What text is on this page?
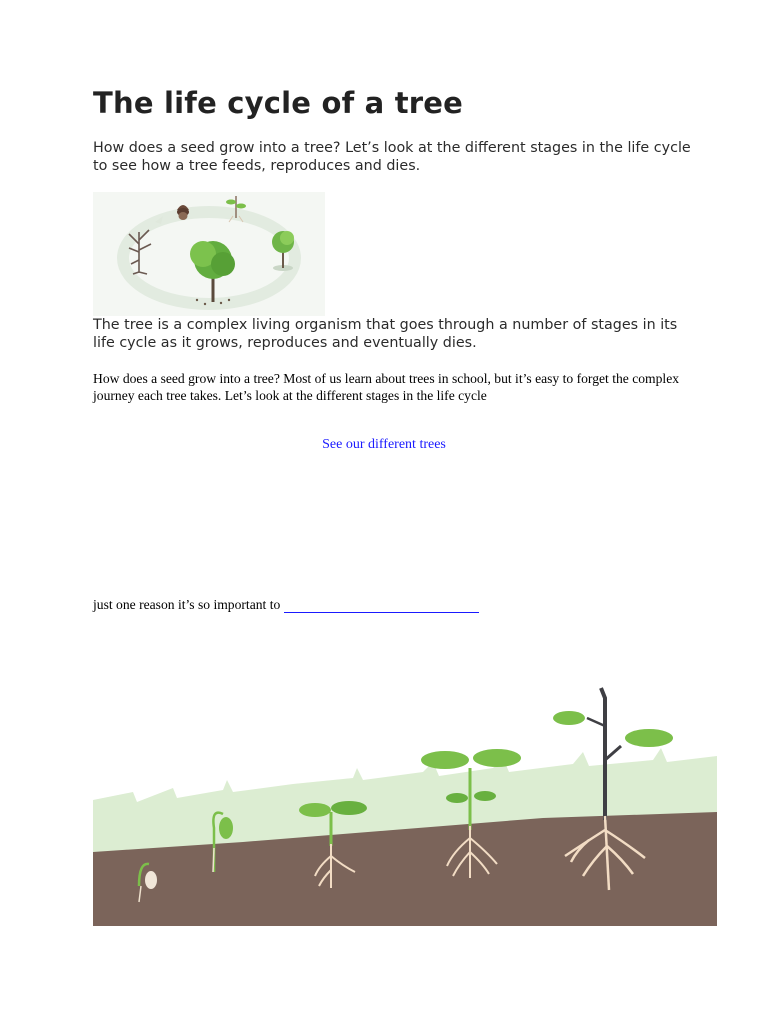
The life cycle of a tree

How does a seed grow into a tree? Let’s look at the different stages in the life cycle to see how a tree feeds, reproduces and dies.

The tree is a complex living organism that goes through a number of stages in its life cycle as it grows, reproduces and eventually dies.

How does a seed grow into a tree? Most of us learn about trees in school, but it’s easy to forget the complex journey each tree takes. Let’s look at the different stages in the life cycle

See our different trees
just one reason it’s so important to
